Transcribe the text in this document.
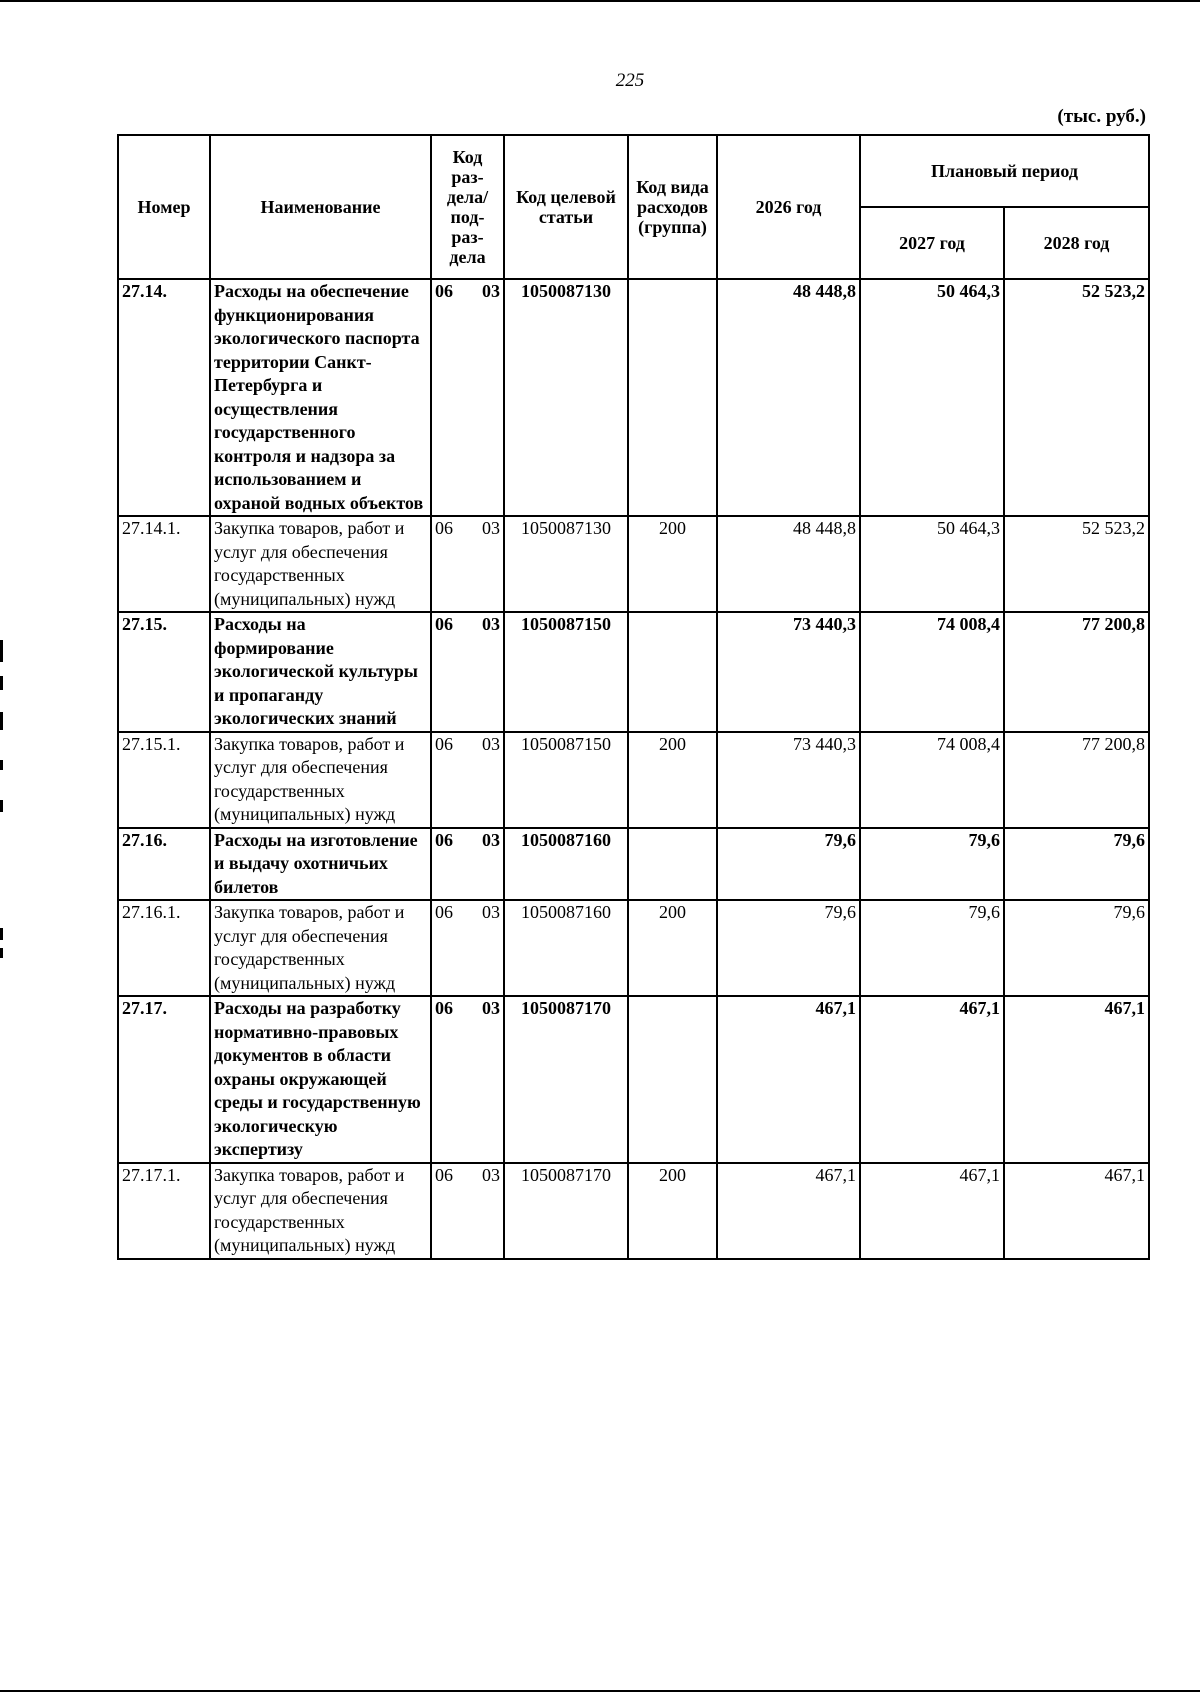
225
(тыс. руб.)
Номер	Наименование	Код раз-дела/ под-раз-дела	Код целевой статьи	Код вида расходов (группа)	2026 год	Плановый период	
						2027 год	2028 год
27.14.	Расходы на обеспечение функционирования экологического паспорта территории Санкт-Петербурга и осуществления государственного контроля и надзора за использованием и охраной водных объектов	06 03	1050087130		48 448,8	50 464,3	52 523,2
27.14.1.	Закупка товаров, работ и услуг для обеспечения государственных (муниципальных) нужд	06 03	1050087130	200	48 448,8	50 464,3	52 523,2
27.15.	Расходы на формирование экологической культуры и пропаганду экологических знаний	06 03	1050087150		73 440,3	74 008,4	77 200,8
27.15.1.	Закупка товаров, работ и услуг для обеспечения государственных (муниципальных) нужд	06 03	1050087150	200	73 440,3	74 008,4	77 200,8
27.16.	Расходы на изготовление и выдачу охотничьих билетов	06 03	1050087160		79,6	79,6	79,6
27.16.1.	Закупка товаров, работ и услуг для обеспечения государственных (муниципальных) нужд	06 03	1050087160	200	79,6	79,6	79,6
27.17.	Расходы на разработку нормативно-правовых документов в области охраны окружающей среды и государственную экологическую экспертизу	06 03	1050087170		467,1	467,1	467,1
27.17.1.	Закупка товаров, работ и услуг для обеспечения государственных (муниципальных) нужд	06 03	1050087170	200	467,1	467,1	467,1
